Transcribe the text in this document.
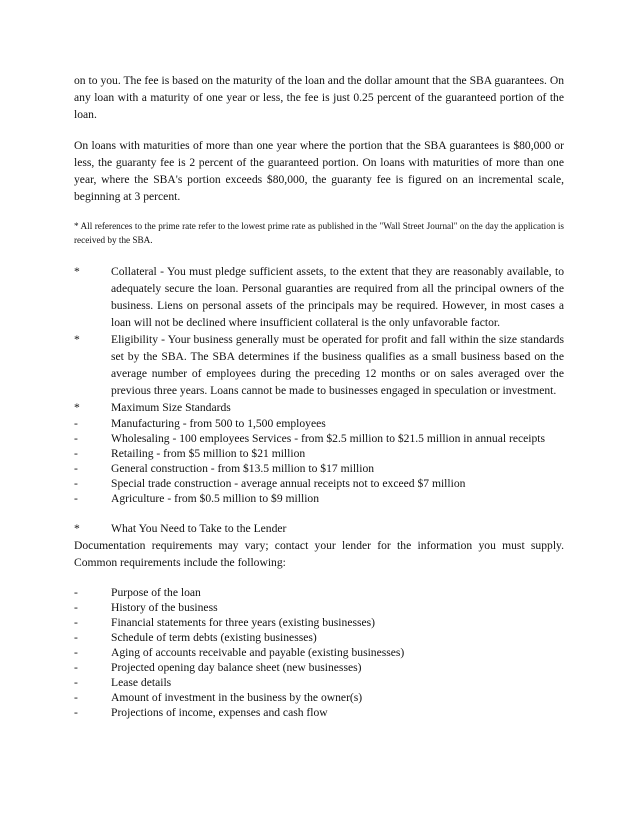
on to you. The fee is based on the maturity of the loan and the dollar amount that the SBA guarantees. On any loan with a maturity of one year or less, the fee is just 0.25 percent of the guaranteed portion of the loan.

On loans with maturities of more than one year where the portion that the SBA guarantees is $80,000 or less, the guaranty fee is 2 percent of the guaranteed portion. On loans with maturities of more than one year, where the SBA's portion exceeds $80,000, the guaranty fee is figured on an incremental scale, beginning at 3 percent.

* All references to the prime rate refer to the lowest prime rate as published in the "Wall Street Journal" on the day the application is received by the SBA.

*	Collateral - You must pledge sufficient assets, to the extent that they are reasonably available, to adequately secure the loan. Personal guaranties are required from all the principal owners of the business. Liens on personal assets of the principals may be required. However, in most cases a loan will not be declined where insufficient collateral is the only unfavorable factor.
*	Eligibility - Your business generally must be operated for profit and fall within the size standards set by the SBA. The SBA determines if the business qualifies as a small business based on the average number of employees during the preceding 12 months or on sales averaged over the previous three years. Loans cannot be made to businesses engaged in speculation or investment.
*	Maximum Size Standards
-	Manufacturing - from 500 to 1,500 employees
-	Wholesaling - 100 employees Services - from $2.5 million to $21.5 million in annual receipts
-	Retailing - from $5 million to $21 million
-	General construction - from $13.5 million to $17 million
-	Special trade construction - average annual receipts not to exceed $7 million
-	Agriculture - from $0.5 million to $9 million
*	What You Need to Take to the Lender

Documentation requirements may vary; contact your lender for the information you must supply. Common requirements include the following:

-	Purpose of the loan
-	History of the business
-	Financial statements for three years (existing businesses)
-	Schedule of term debts (existing businesses)
-	Aging of accounts receivable and payable (existing businesses)
-	Projected opening day balance sheet (new businesses)
-	Lease details
-	Amount of investment in the business by the owner(s)
-	Projections of income, expenses and cash flow
